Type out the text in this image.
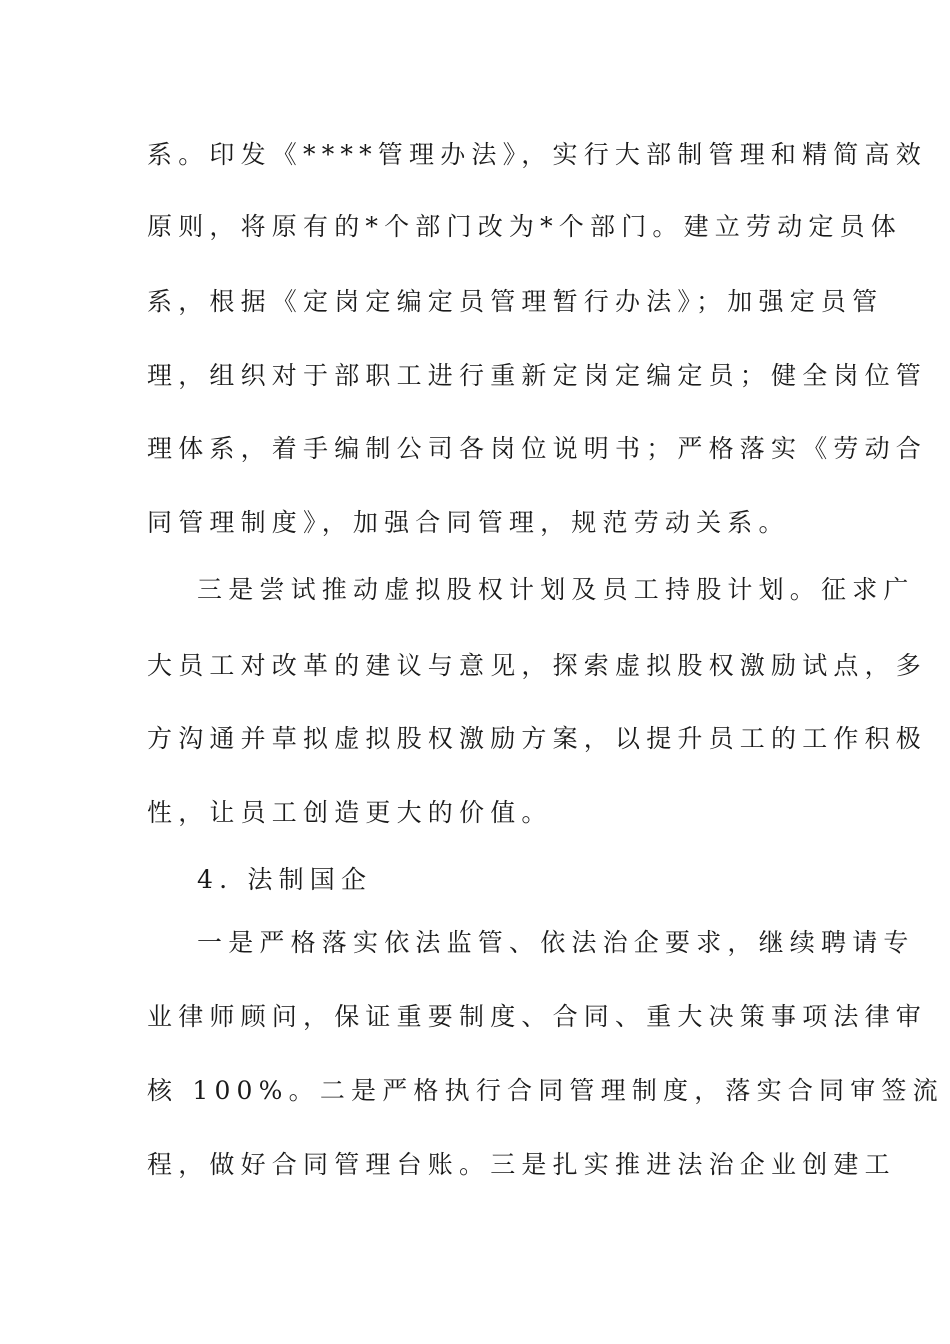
系。印发《****管理办法》，实行大部制管理和精简高效
原则，将原有的*个部门改为*个部门。建立劳动定员体
系，根据《定岗定编定员管理暂行办法》；加强定员管
理，组织对于部职工进行重新定岗定编定员；健全岗位管
理体系，着手编制公司各岗位说明书；严格落实《劳动合
同管理制度》，加强合同管理，规范劳动关系。
三是尝试推动虚拟股权计划及员工持股计划。征求广
大员工对改革的建议与意见，探索虚拟股权激励试点，多
方沟通并草拟虚拟股权激励方案，以提升员工的工作积极
性，让员工创造更大的价值。
4. 法制国企
一是严格落实依法监管、依法治企要求，继续聘请专
业律师顾问，保证重要制度、合同、重大决策事项法律审
核 100%。二是严格执行合同管理制度，落实合同审签流
程，做好合同管理台账。三是扎实推进法治企业创建工
